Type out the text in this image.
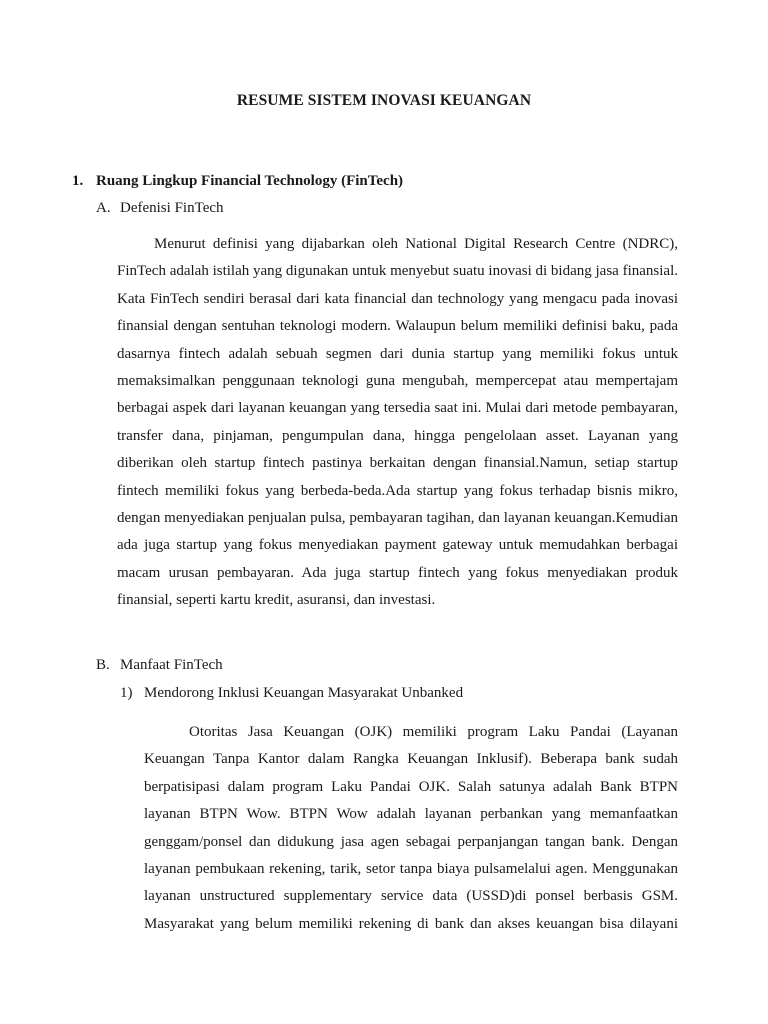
RESUME SISTEM INOVASI KEUANGAN
1. Ruang Lingkup Financial Technology (FinTech)
A. Defenisi FinTech
Menurut definisi yang dijabarkan oleh National Digital Research Centre (NDRC),
FinTech adalah istilah yang digunakan untuk menyebut suatu inovasi di bidang jasa finansial.
Kata FinTech sendiri berasal dari kata financial dan technology yang mengacu pada inovasi
finansial dengan sentuhan teknologi modern. Walaupun belum memiliki definisi baku, pada
dasarnya fintech adalah sebuah segmen dari dunia startup yang memiliki fokus untuk
memaksimalkan penggunaan teknologi guna mengubah, mempercepat atau mempertajam
berbagai aspek dari layanan keuangan yang tersedia saat ini. Mulai dari metode pembayaran,
transfer dana, pinjaman, pengumpulan dana, hingga pengelolaan asset. Layanan yang
diberikan oleh startup fintech pastinya berkaitan dengan finansial.Namun, setiap startup
fintech memiliki fokus yang berbeda-beda.Ada startup yang fokus terhadap bisnis mikro,
dengan menyediakan penjualan pulsa, pembayaran tagihan, dan layanan keuangan.Kemudian
ada juga startup yang fokus menyediakan payment gateway untuk memudahkan berbagai
macam urusan pembayaran. Ada juga startup fintech yang fokus menyediakan produk
finansial, seperti kartu kredit, asuransi, dan investasi.
B. Manfaat FinTech
1) Mendorong Inklusi Keuangan Masyarakat Unbanked
Otoritas Jasa Keuangan (OJK) memiliki program Laku Pandai (Layanan
Keuangan Tanpa Kantor dalam Rangka Keuangan Inklusif). Beberapa bank sudah
berpatisipasi dalam program Laku Pandai OJK. Salah satunya adalah Bank BTPN
layanan BTPN Wow. BTPN Wow adalah layanan perbankan yang memanfaatkan
genggam/ponsel dan didukung jasa agen sebagai perpanjangan tangan bank. Dengan
layanan pembukaan rekening, tarik, setor tanpa biaya pulsamelalui agen. Menggunakan
layanan unstructured supplementary service data (USSD)di ponsel berbasis GSM.
Masyarakat yang belum memiliki rekening di bank dan akses keuangan bisa dilayani
